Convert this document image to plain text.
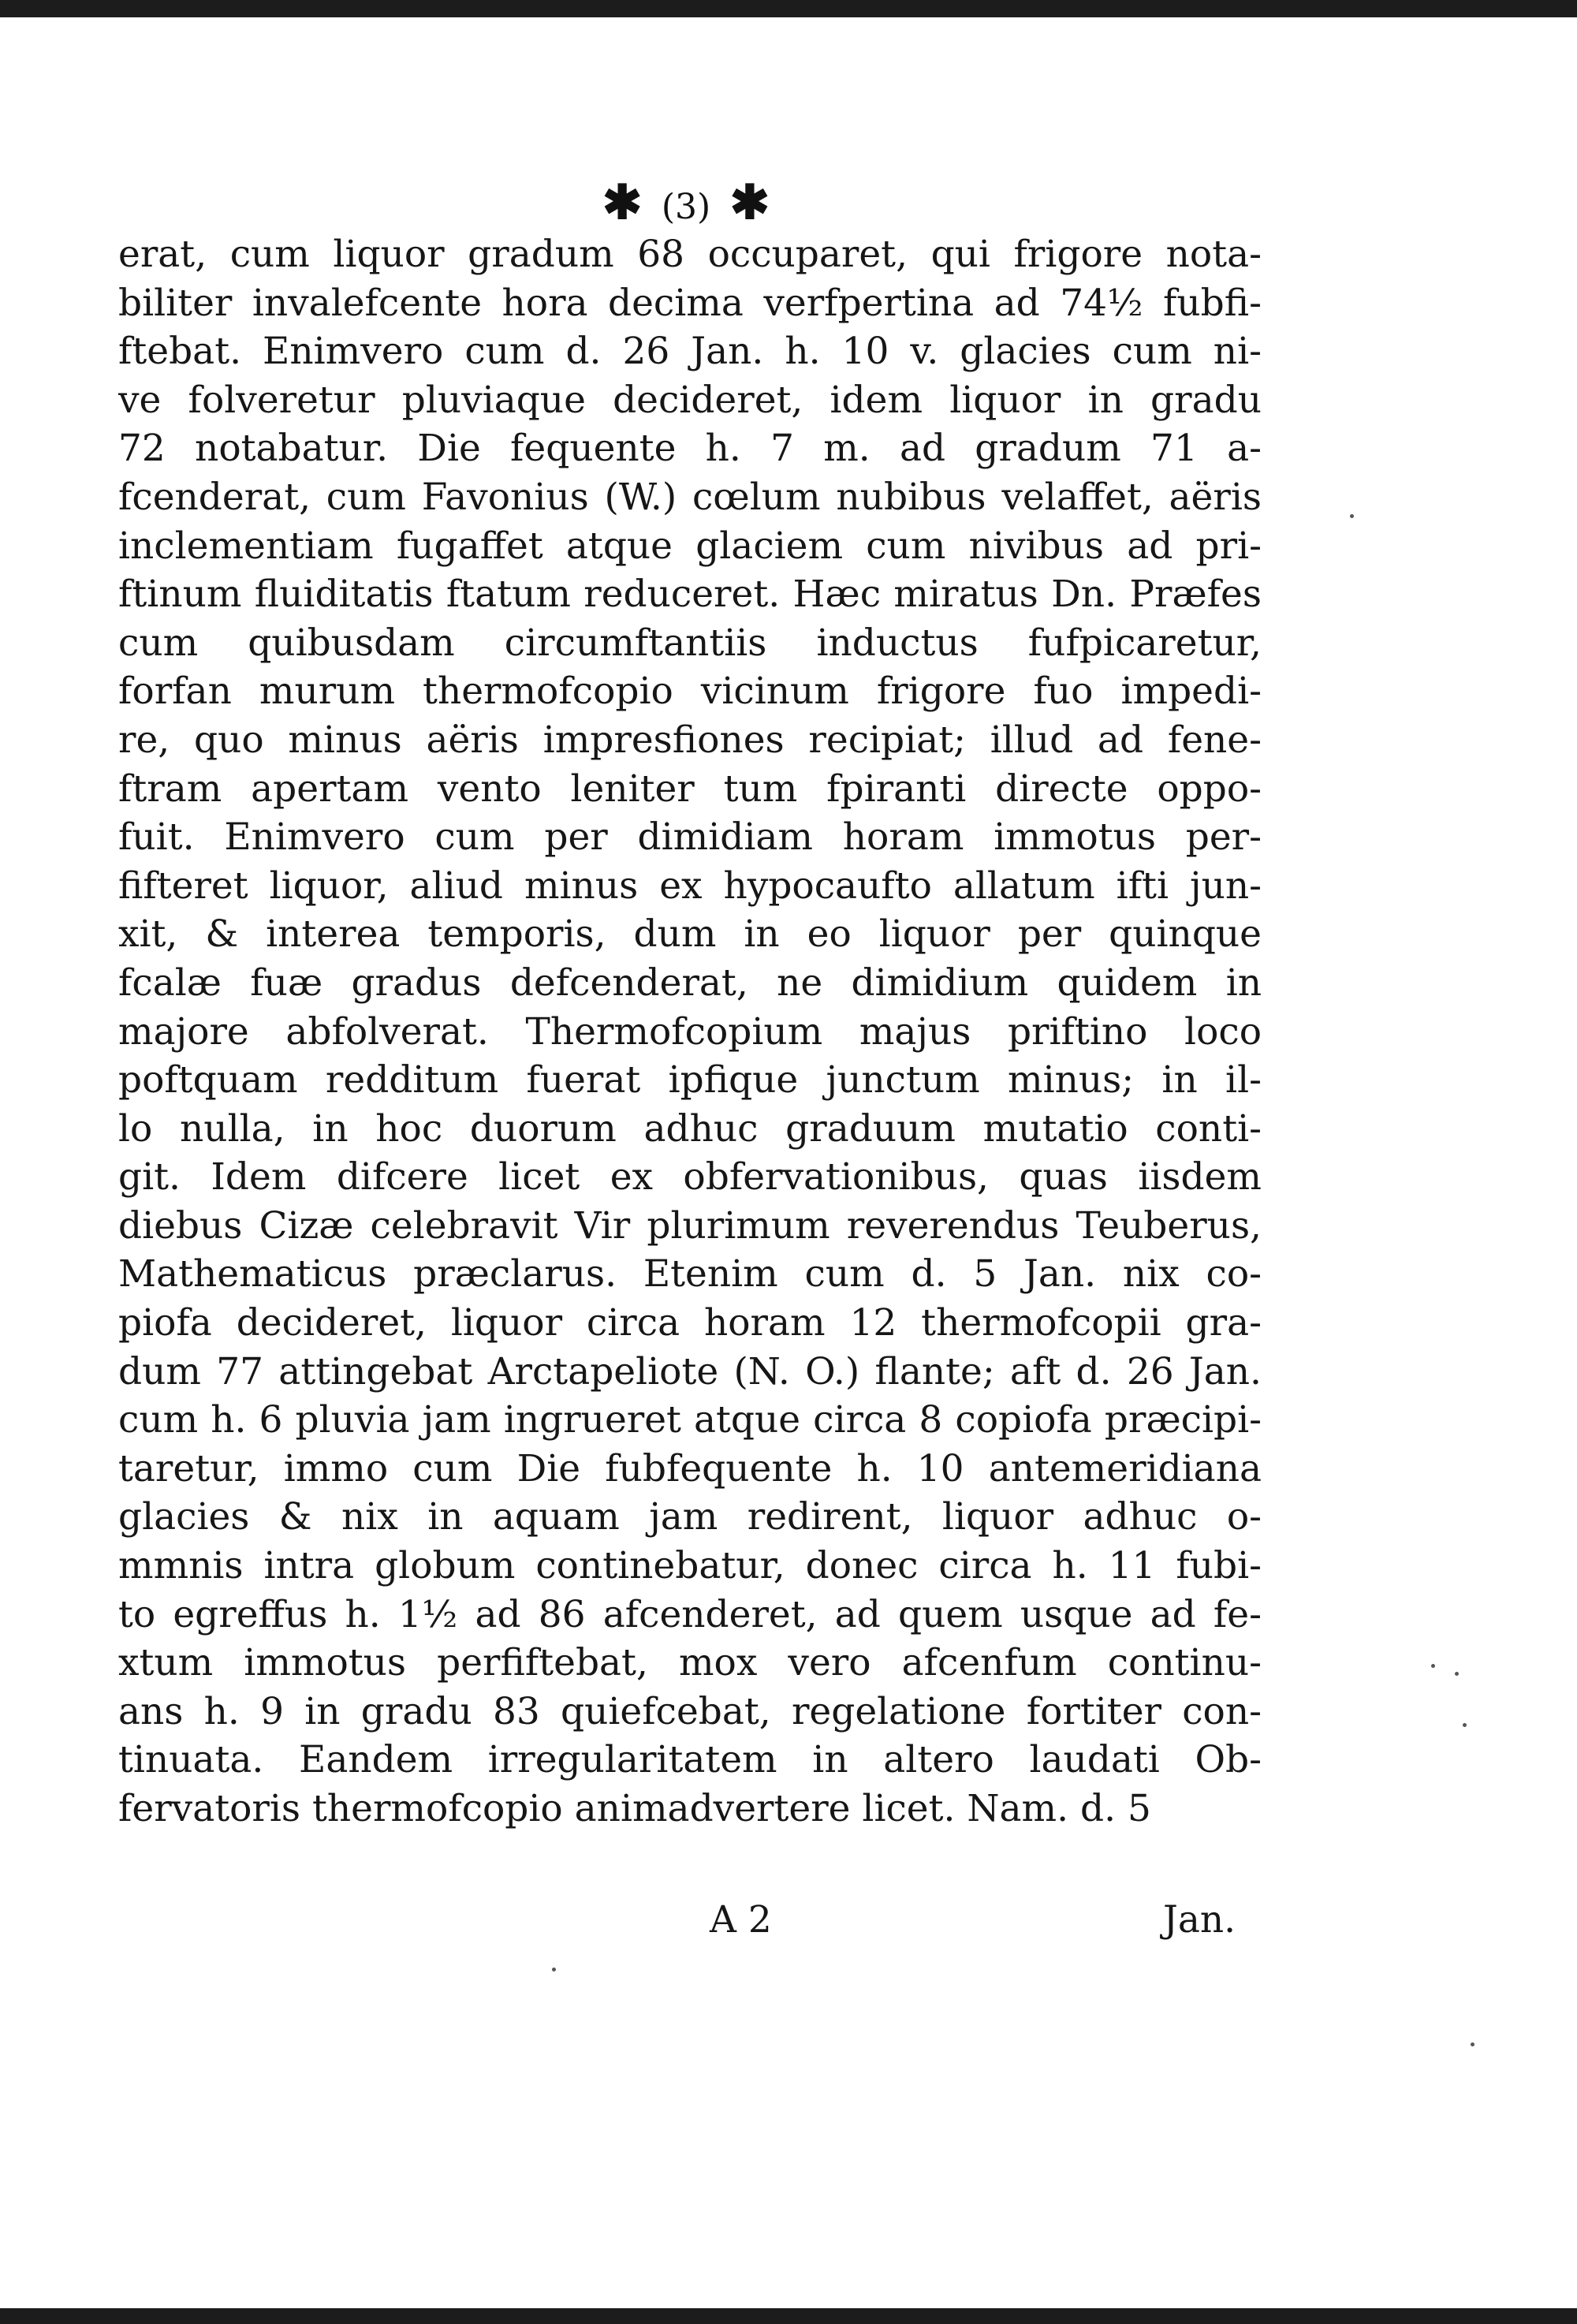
✱ (3) ✱
erat, cum liquor gradum 68 occuparet, qui frigore nota-
biliter invalefcente hora decima verfpertina ad 74½ fubfi-
ftebat. Enimvero cum d. 26 Jan. h. 10 v. glacies cum ni-
ve folveretur pluviaque decideret, idem liquor in gradu
72 notabatur. Die fequente h. 7 m. ad gradum 71 a-
fcenderat, cum Favonius (W.) cœlum nubibus velaffet, aëris
inclementiam fugaffet atque glaciem cum nivibus ad pri-
ftinum fluiditatis ftatum reduceret. Hæc miratus Dn. Præfes
cum quibusdam circumftantiis inductus fufpicaretur,
forfan murum thermofcopio vicinum frigore fuo impedi-
re, quo minus aëris impresfiones recipiat; illud ad fene-
ftram apertam vento leniter tum fpiranti directe oppo-
fuit. Enimvero cum per dimidiam horam immotus per-
fifteret liquor, aliud minus ex hypocaufto allatum ifti jun-
xit, & interea temporis, dum in eo liquor per quinque
fcalæ fuæ gradus defcenderat, ne dimidium quidem in
majore abfolverat. Thermofcopium majus priftino loco
poftquam redditum fuerat ipfique junctum minus; in il-
lo nulla, in hoc duorum adhuc graduum mutatio conti-
git. Idem difcere licet ex obfervationibus, quas iisdem
diebus Cizæ celebravit Vir plurimum reverendus Teuberus,
Mathematicus præclarus. Etenim cum d. 5 Jan. nix co-
piofa decideret, liquor circa horam 12 thermofcopii gra-
dum 77 attingebat Arctapeliote (N. O.) flante; aft d. 26 Jan.
cum h. 6 pluvia jam ingrueret atque circa 8 copiofa præcipi-
taretur, immo cum Die fubfequente h. 10 antemeridiana
glacies & nix in aquam jam redirent, liquor adhuc o-
mmnis intra globum continebatur, donec circa h. 11 fubi-
to egreffus h. 1½ ad 86 afcenderet, ad quem usque ad fe-
xtum immotus perfiftebat, mox vero afcenfum continu-
ans h. 9 in gradu 83 quiefcebat, regelatione fortiter con-
tinuata. Eandem irregularitatem in altero laudati Ob-
fervatoris thermofcopio animadvertere licet. Nam. d. 5
A 2	Jan.
